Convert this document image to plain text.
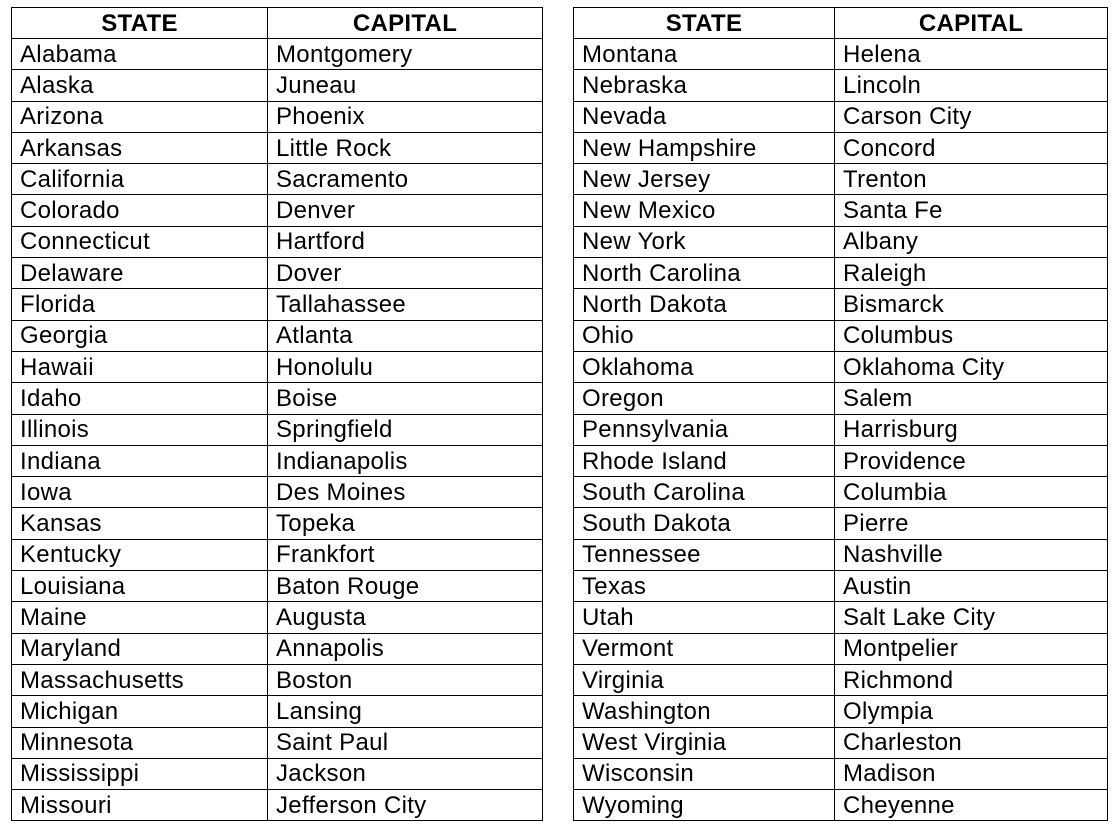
STATE	CAPITAL
Alabama	Montgomery
Alaska	Juneau
Arizona	Phoenix
Arkansas	Little Rock
California	Sacramento
Colorado	Denver
Connecticut	Hartford
Delaware	Dover
Florida	Tallahassee
Georgia	Atlanta
Hawaii	Honolulu
Idaho	Boise
Illinois	Springfield
Indiana	Indianapolis
Iowa	Des Moines
Kansas	Topeka
Kentucky	Frankfort
Louisiana	Baton Rouge
Maine	Augusta
Maryland	Annapolis
Massachusetts	Boston
Michigan	Lansing
Minnesota	Saint Paul
Mississippi	Jackson
Missouri	Jefferson City
STATE	CAPITAL
Montana	Helena
Nebraska	Lincoln
Nevada	Carson City
New Hampshire	Concord
New Jersey	Trenton
New Mexico	Santa Fe
New York	Albany
North Carolina	Raleigh
North Dakota	Bismarck
Ohio	Columbus
Oklahoma	Oklahoma City
Oregon	Salem
Pennsylvania	Harrisburg
Rhode Island	Providence
South Carolina	Columbia
South Dakota	Pierre
Tennessee	Nashville
Texas	Austin
Utah	Salt Lake City
Vermont	Montpelier
Virginia	Richmond
Washington	Olympia
West Virginia	Charleston
Wisconsin	Madison
Wyoming	Cheyenne
